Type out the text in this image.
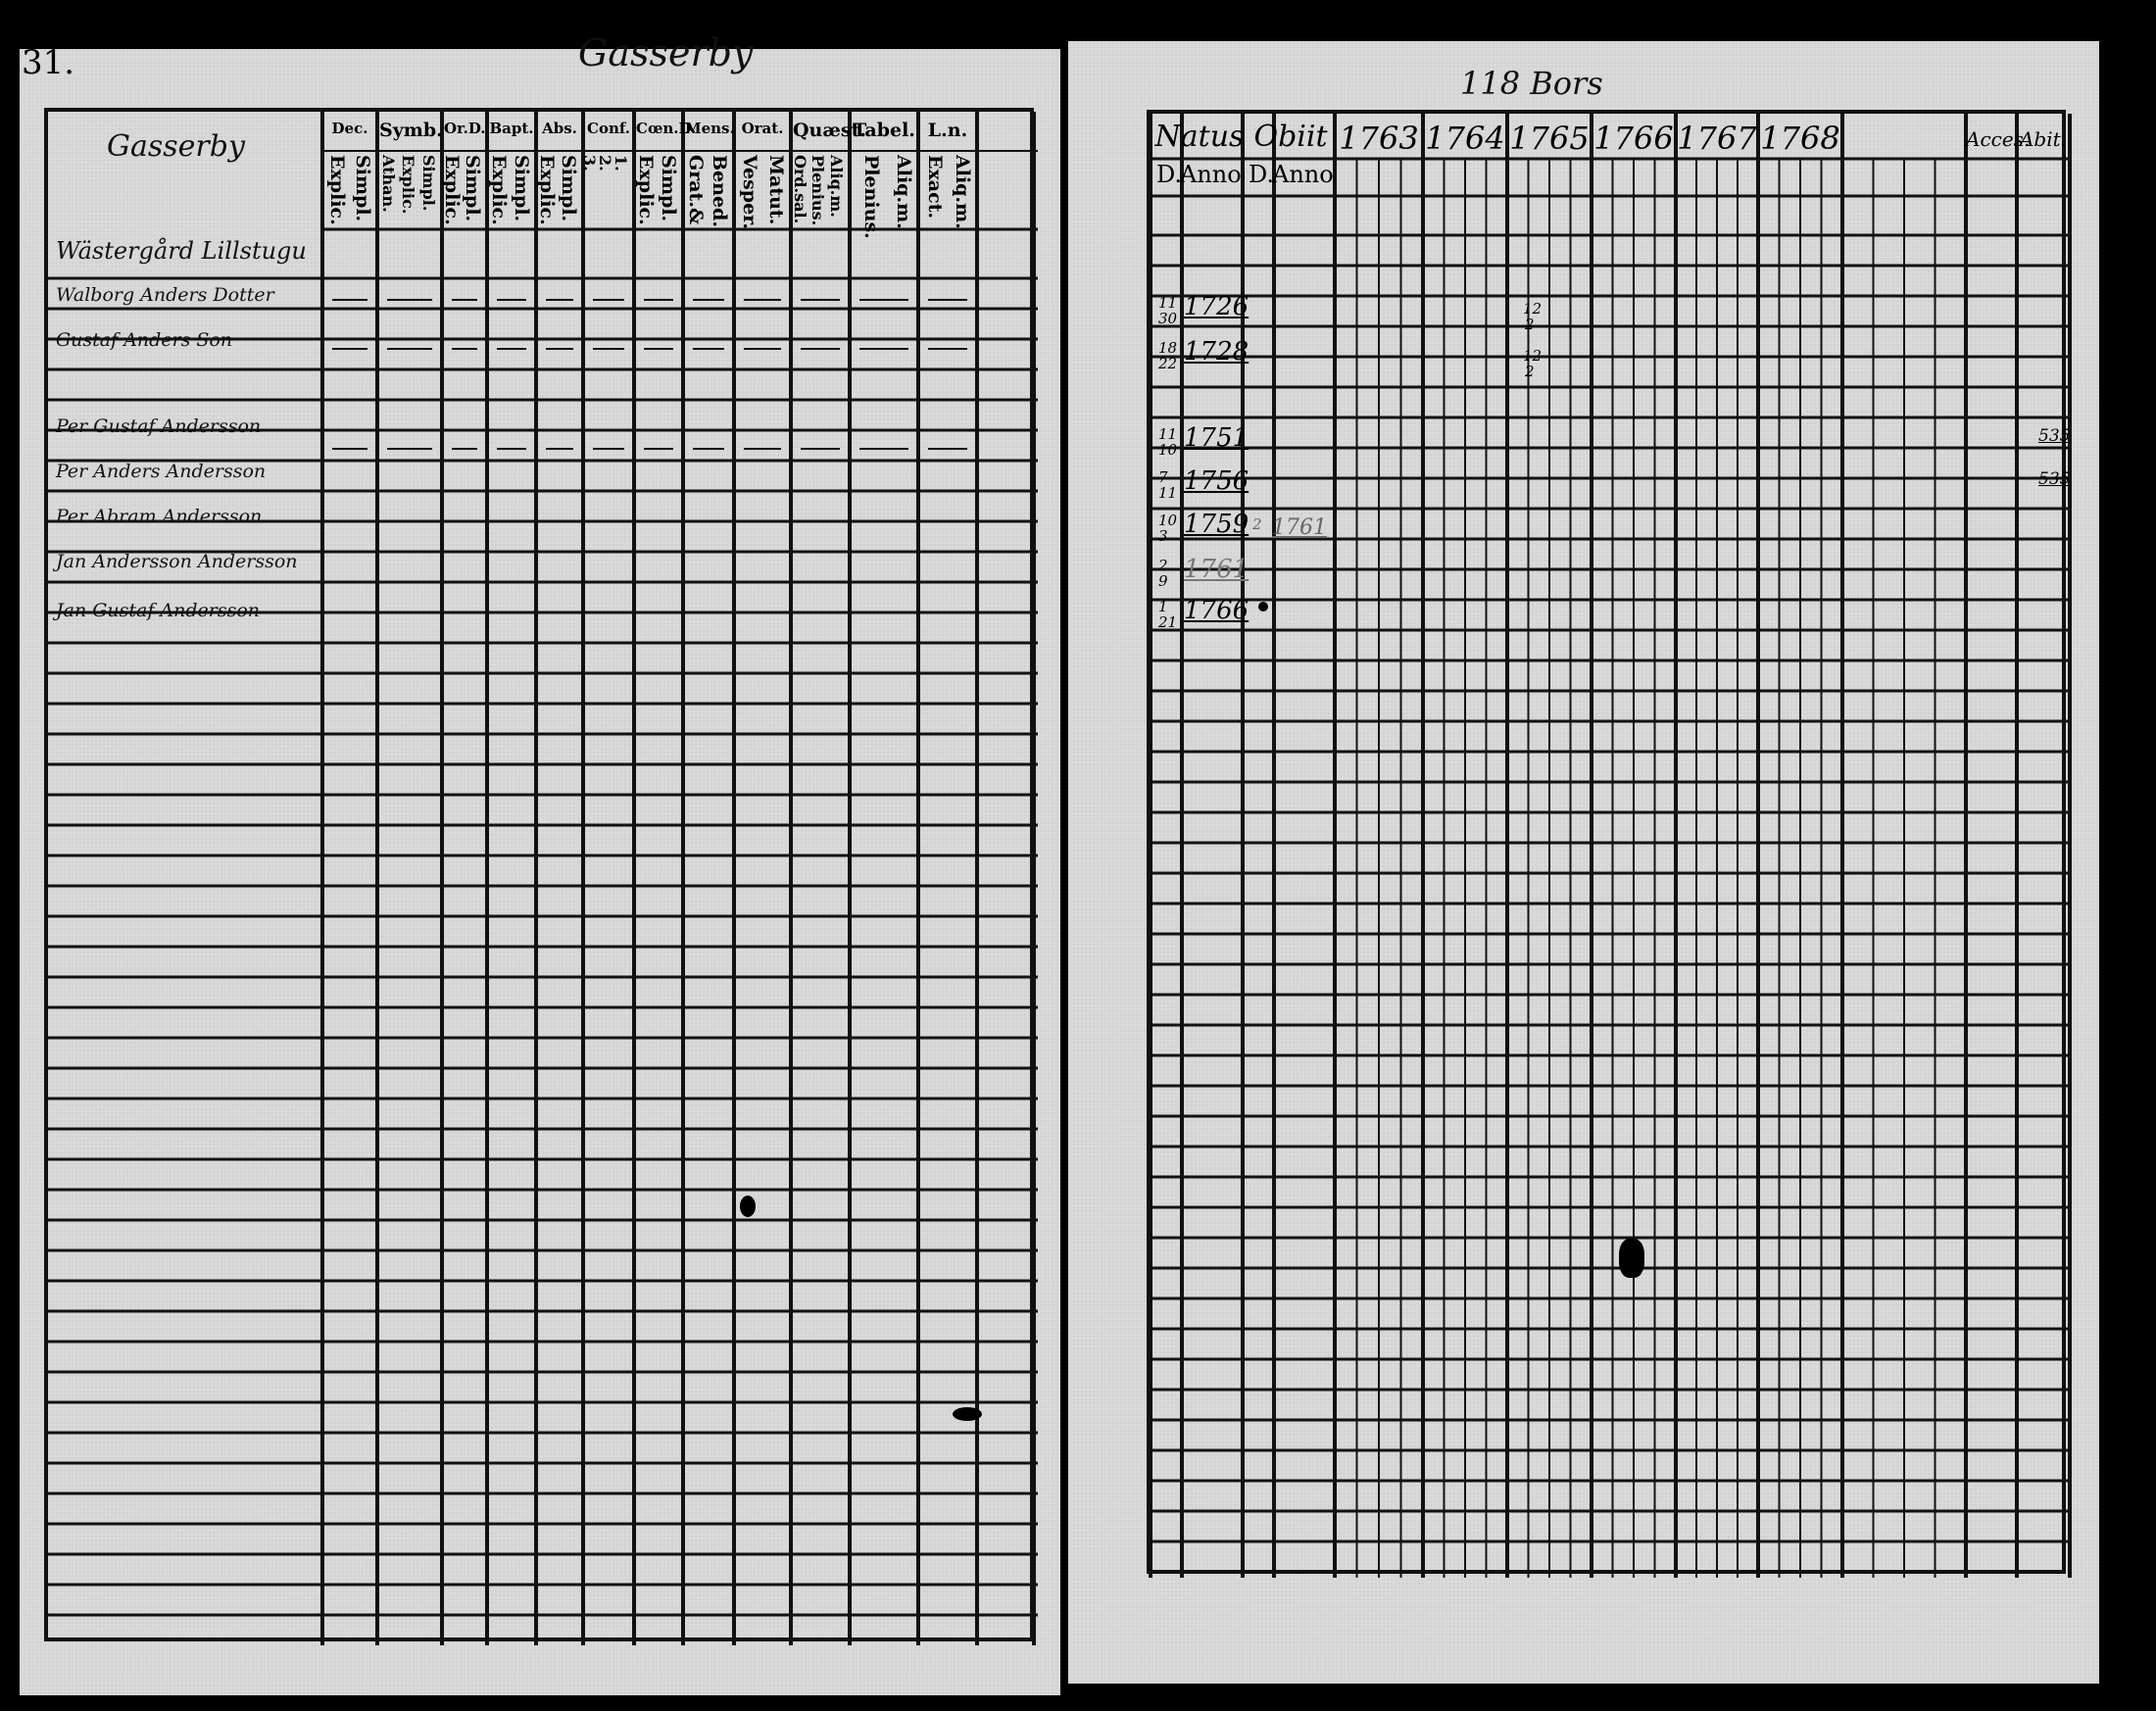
31.	Gasserby
Dec.
Explic. Simpl.
Symb.
Athan. Explic. Simpl.
Or.D.
Explic. Simpl.
Bapt.
Explic. Simpl.
Abs.
Explic. Simpl.
Conf.
3.
2.
1.
Cœn.D.
Explic. Simpl.
Mens.
Grat.& Bened.
Orat.
Vesper. Matut.
Quæst.
Ord.sal. Plenius. Aliq.m.
Tabel.
Plenius. Aliq.m.
L.n.
Exact. Aliq.m.
Gasserby
Wästergård Lillstugu
Walborg Anders Dotter
Gustaf Anders Son
Per Gustaf Andersson
Per Anders Andersson
Per Abram Andersson
Jan Andersson Andersson
Jan Gustaf Andersson
118 Bors
Natus Obiit 1763 1764 1765 1766 1767 1768	Acces.
Abit.
D.
Anno D.
Anno
1726
11
30
1728
18
22
1751
11
10
1756
7
11
1759
10
3
1761
2
9
1766
1
21
1761
2
12
2
12
2
535
535
